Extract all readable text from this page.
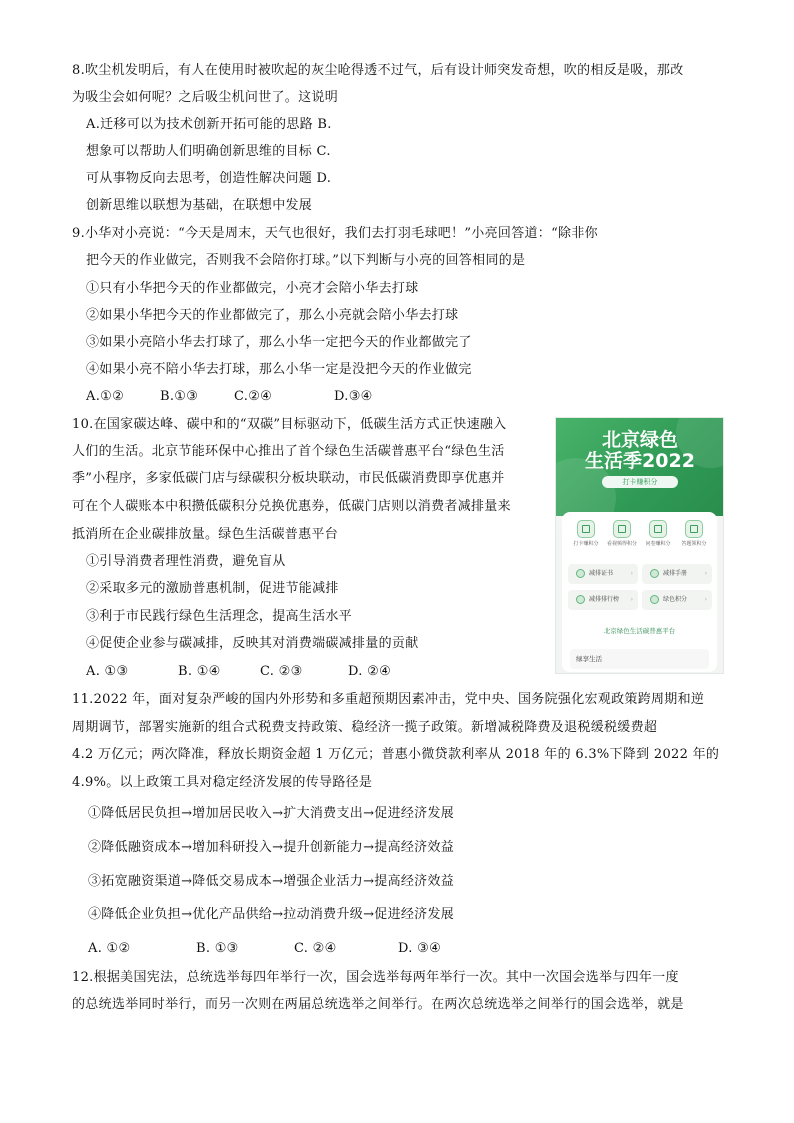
8.吹尘机发明后，有人在使用时被吹起的灰尘呛得透不过气，后有设计师突发奇想，吹的相反是吸，那改
为吸尘会如何呢？之后吸尘机问世了。这说明
A.迁移可以为技术创新开拓可能的思路 B.
想象可以帮助人们明确创新思维的目标 C.
可从事物反向去思考，创造性解决问题 D.
创新思维以联想为基础，在联想中发展
9.小华对小亮说：“今天是周末，天气也很好，我们去打羽毛球吧！”小亮回答道：“除非你
把今天的作业做完，否则我不会陪你打球。”以下判断与小亮的回答相同的是
①只有小华把今天的作业都做完，小亮才会陪小华去打球
②如果小华把今天的作业都做完了，那么小亮就会陪小华去打球
③如果小亮陪小华去打球了，那么小华一定把今天的作业都做完了
④如果小亮不陪小华去打球，那么小华一定是没把今天的作业做完
A.①②	B.①③	C.②④	D.③④
10.在国家碳达峰、碳中和的“双碳”目标驱动下，低碳生活方式正快速融入
人们的生活。北京节能环保中心推出了首个绿色生活碳普惠平台“绿色生活
季”小程序，多家低碳门店与绿碳积分板块联动，市民低碳消费即享优惠并
可在个人碳账本中积攒低碳积分兑换优惠券，低碳门店则以消费者减排量来
抵消所在企业碳排放量。绿色生活碳普惠平台
①引导消费者理性消费，避免盲从
②采取多元的激励普惠机制，促进节能减排
③利于市民践行绿色生活理念，提高生活水平
④促使企业参与碳减排，反映其对消费端碳减排量的贡献
A. ①③	B. ①④	C. ②③	D. ②④
北京绿色
生活季2022
打卡赚积分
打卡赚积分	看视频得积分	问卷赚积分	答题领积分
减排证书	›	减排手册	›
减排排行榜 ›	绿色积分	›
北京绿色生活碳普惠平台
绿享生活
11.2022 年，面对复杂严峻的国内外形势和多重超预期因素冲击，党中央、国务院强化宏观政策跨周期和逆
周期调节，部署实施新的组合式税费支持政策、稳经济一揽子政策。新增减税降费及退税缓税缓费超
4.2 万亿元；两次降准，释放长期资金超 1 万亿元；普惠小微贷款利率从 2018 年的 6.3%下降到 2022 年的
4.9%。以上政策工具对稳定经济发展的传导路径是
①降低居民负担→增加居民收入→扩大消费支出→促进经济发展
②降低融资成本→增加科研投入→提升创新能力→提高经济效益
③拓宽融资渠道→降低交易成本→增强企业活力→提高经济效益
④降低企业负担→优化产品供给→拉动消费升级→促进经济发展
A. ①②	B. ①③	C. ②④	D. ③④
12.根据美国宪法，总统选举每四年举行一次，国会选举每两年举行一次。其中一次国会选举与四年一度
的总统选举同时举行，而另一次则在两届总统选举之间举行。在两次总统选举之间举行的国会选举，就是
